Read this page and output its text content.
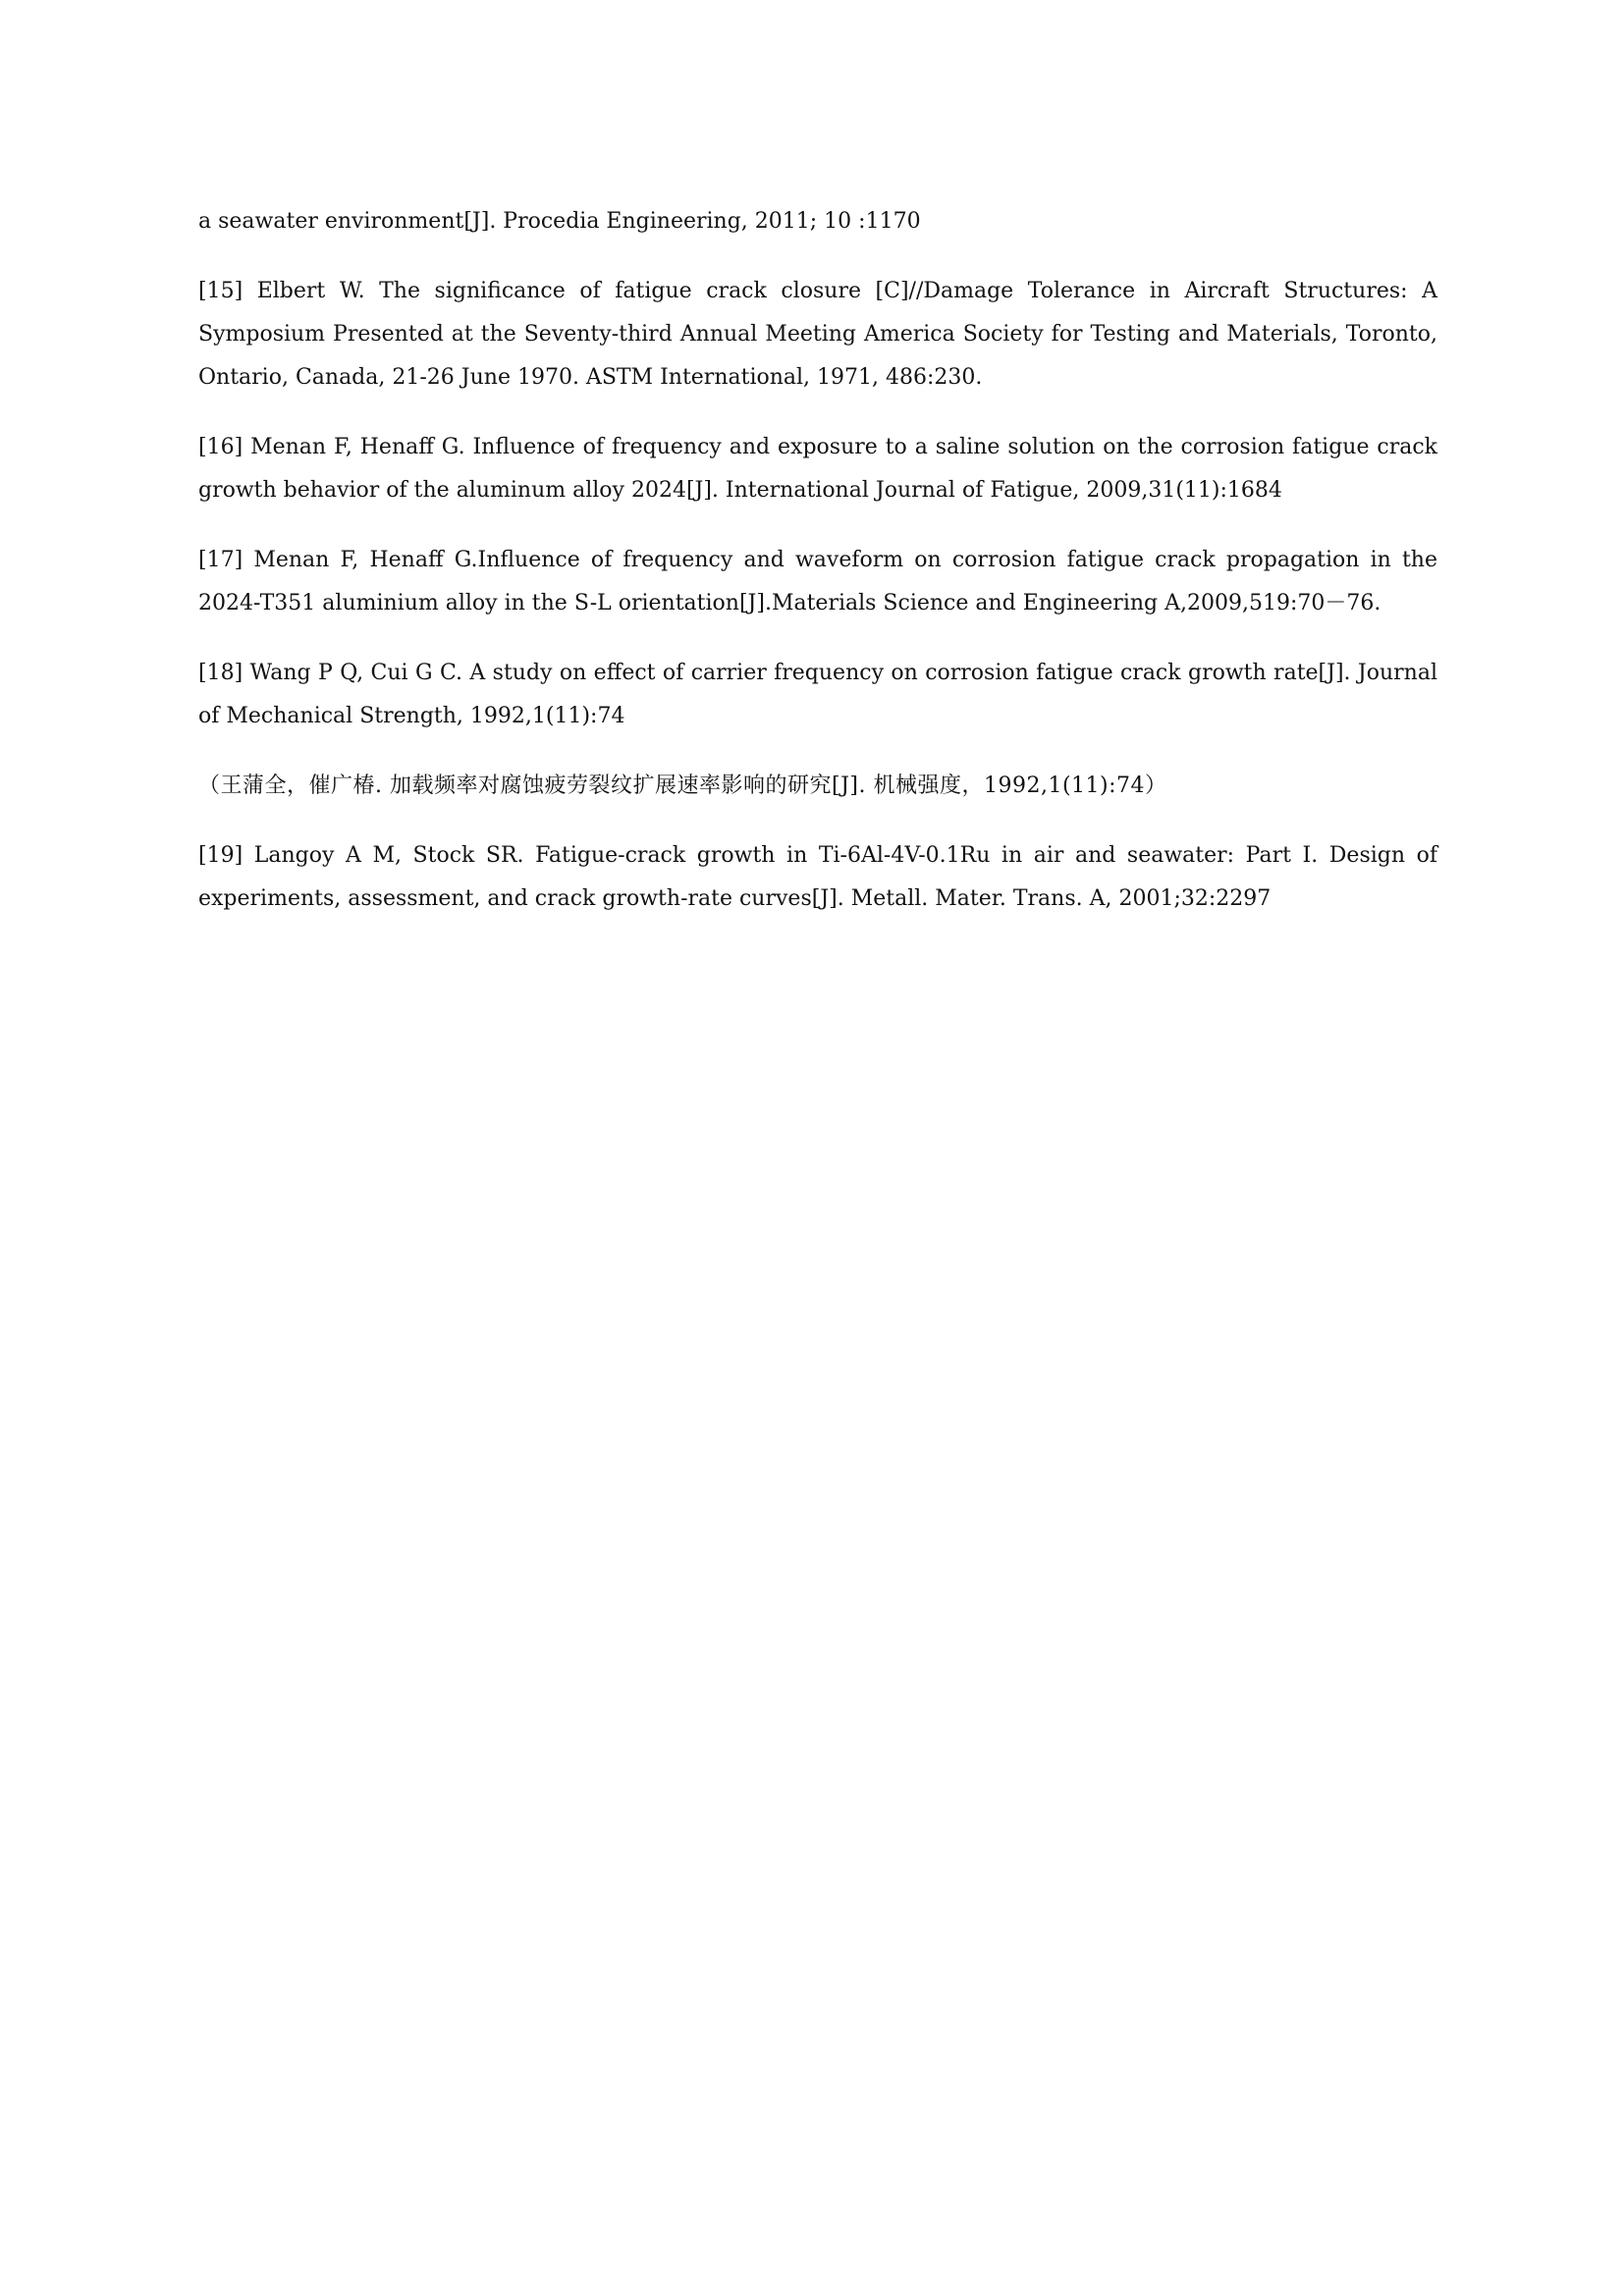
a seawater environment[J]. Procedia Engineering, 2011; 10 :1170

[15] Elbert W. The significance of fatigue crack closure [C]//Damage Tolerance in Aircraft Structures: A Symposium Presented at the Seventy-third Annual Meeting America Society for Testing and Materials, Toronto, Ontario, Canada, 21-26 June 1970. ASTM International, 1971, 486:230.

[16] Menan F, Henaff G. Influence of frequency and exposure to a saline solution on the corrosion fatigue crack growth behavior of the aluminum alloy 2024[J]. International Journal of Fatigue, 2009,31(11):1684

[17] Menan F, Henaff G.Influence of frequency and waveform on corrosion fatigue crack propagation in the 2024-T351 aluminium alloy in the S-L orientation[J].Materials Science and Engineering A,2009,519:70－76.

[18] Wang P Q, Cui G C. A study on effect of carrier frequency on corrosion fatigue crack growth rate[J]. Journal of Mechanical Strength, 1992,1(11):74

（王蒲全，催广椿. 加载频率对腐蚀疲劳裂纹扩展速率影响的研究[J]. 机械强度，1992,1(11):74）

[19] Langoy A M, Stock SR. Fatigue-crack growth in Ti-6Al-4V-0.1Ru in air and seawater: Part I. Design of experiments, assessment, and crack growth-rate curves[J]. Metall. Mater. Trans. A, 2001;32:2297
